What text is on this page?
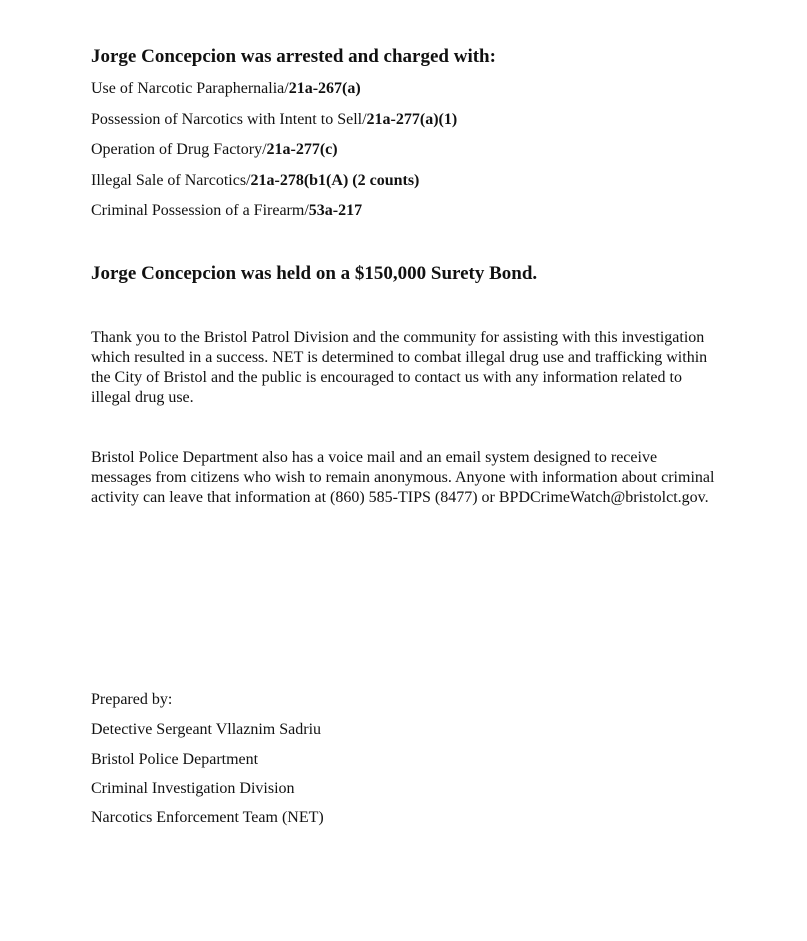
Jorge Concepcion was arrested and charged with:
Use of Narcotic Paraphernalia/21a-267(a)
Possession of Narcotics with Intent to Sell/21a-277(a)(1)
Operation of Drug Factory/21a-277(c)
Illegal Sale of Narcotics/21a-278(b1(A) (2 counts)
Criminal Possession of a Firearm/53a-217
Jorge Concepcion was held on a $150,000 Surety Bond.

Thank you to the Bristol Patrol Division and the community for assisting with this investigation which resulted in a success. NET is determined to combat illegal drug use and trafficking within the City of Bristol and the public is encouraged to contact us with any information related to illegal drug use.

Bristol Police Department also has a voice mail and an email system designed to receive messages from citizens who wish to remain anonymous. Anyone with information about criminal activity can leave that information at (860) 585-TIPS (8477) or BPDCrimeWatch@bristolct.gov.

Prepared by:
Detective Sergeant Vllaznim Sadriu
Bristol Police Department
Criminal Investigation Division
Narcotics Enforcement Team (NET)
